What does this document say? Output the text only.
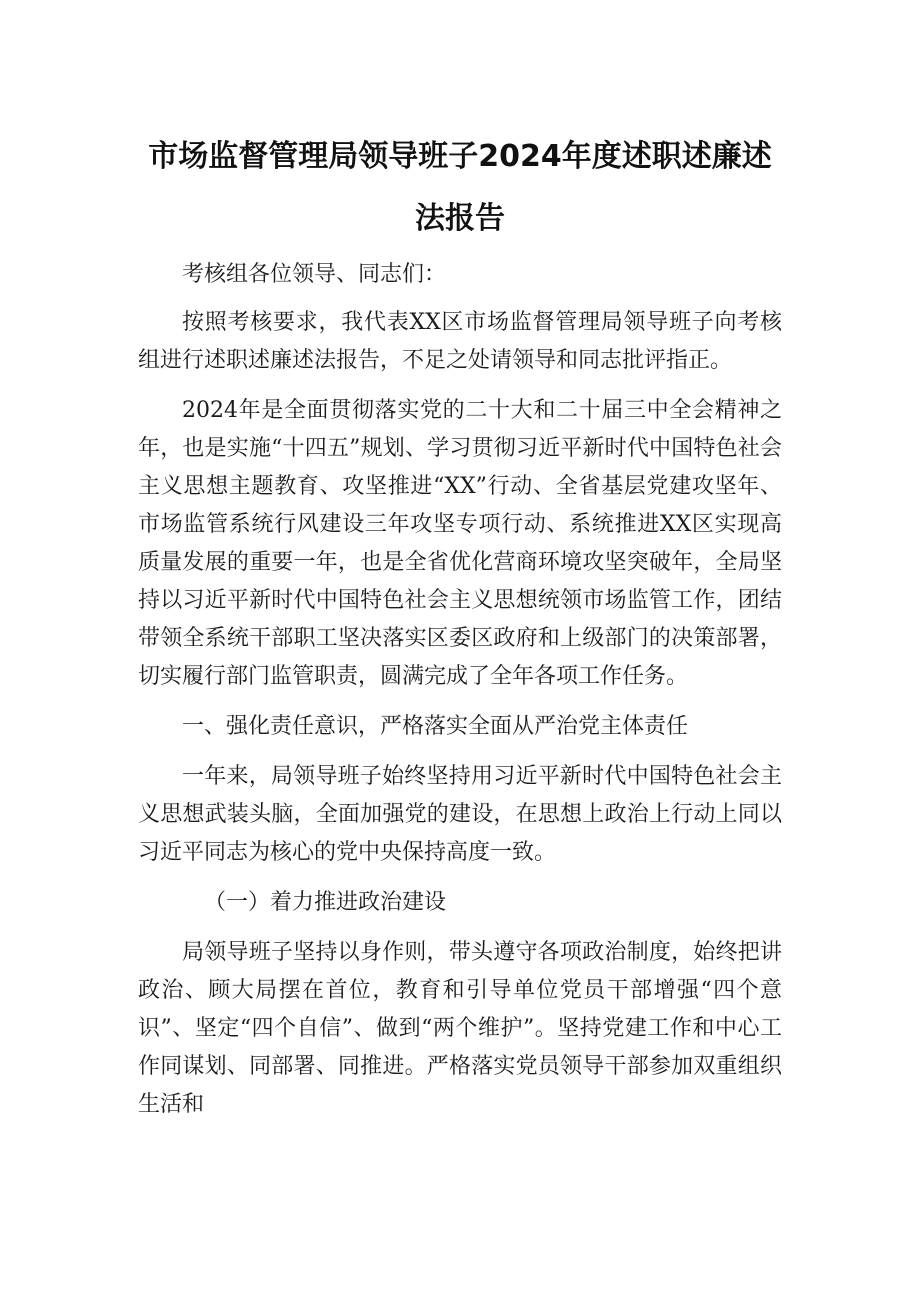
市场监督管理局领导班子2024年度述职述廉述法报告

考核组各位领导、同志们：

按照考核要求，我代表XX区市场监督管理局领导班子向考核组进行述职述廉述法报告，不足之处请领导和同志批评指正。

2024年是全面贯彻落实党的二十大和二十届三中全会精神之年，也是实施“十四五”规划、学习贯彻习近平新时代中国特色社会主义思想主题教育、攻坚推进“XX”行动、全省基层党建攻坚年、市场监管系统行风建设三年攻坚专项行动、系统推进XX区实现高质量发展的重要一年，也是全省优化营商环境攻坚突破年，全局坚持以习近平新时代中国特色社会主义思想统领市场监管工作，团结带领全系统干部职工坚决落实区委区政府和上级部门的决策部署，切实履行部门监管职责，圆满完成了全年各项工作任务。

一、强化责任意识，严格落实全面从严治党主体责任

一年来，局领导班子始终坚持用习近平新时代中国特色社会主义思想武装头脑，全面加强党的建设，在思想上政治上行动上同以习近平同志为核心的党中央保持高度一致。

（一）着力推进政治建设

局领导班子坚持以身作则，带头遵守各项政治制度，始终把讲政治、顾大局摆在首位，教育和引导单位党员干部增强“四个意识”、坚定“四个自信”、做到“两个维护”。坚持党建工作和中心工作同谋划、同部署、同推进。严格落实党员领导干部参加双重组织生活和
